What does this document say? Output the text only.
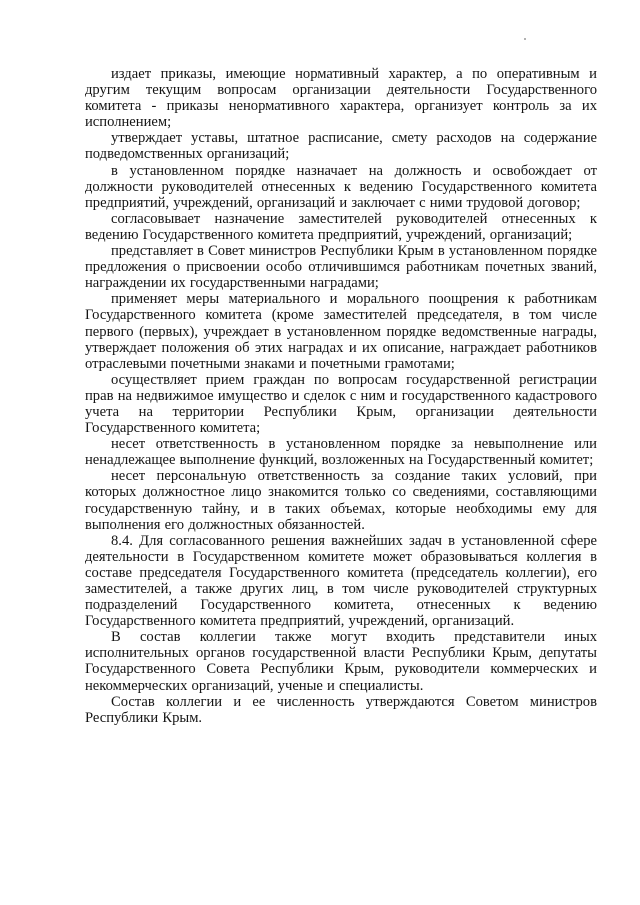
издает приказы, имеющие нормативный характер, а по оперативным и другим текущим вопросам организации деятельности Государственного комитета - приказы ненормативного характера, организует контроль за их исполнением;

утверждает уставы, штатное расписание, смету расходов на содержание подведомственных организаций;

в установленном порядке назначает на должность и освобождает от должности руководителей отнесенных к ведению Государственного комитета предприятий, учреждений, организаций и заключает с ними трудовой договор;

согласовывает назначение заместителей руководителей отнесенных к ведению Государственного комитета предприятий, учреждений, организаций;

представляет в Совет министров Республики Крым в установленном порядке предложения о присвоении особо отличившимся работникам почетных званий, награждении их государственными наградами;

применяет меры материального и морального поощрения к работникам Государственного комитета (кроме заместителей председателя, в том числе первого (первых), учреждает в установленном порядке ведомственные награды, утверждает положения об этих наградах и их описание, награждает работников отраслевыми почетными знаками и почетными грамотами;

осуществляет прием граждан по вопросам государственной регистрации прав на недвижимое имущество и сделок с ним и государственного кадастрового учета на территории Республики Крым, организации деятельности Государственного комитета;

несет ответственность в установленном порядке за невыполнение или ненадлежащее выполнение функций, возложенных на Государственный комитет;

несет персональную ответственность за создание таких условий, при которых должностное лицо знакомится только со сведениями, составляющими государственную тайну, и в таких объемах, которые необходимы ему для выполнения его должностных обязанностей.

8.4. Для согласованного решения важнейших задач в установленной сфере деятельности в Государственном комитете может образовываться коллегия в составе председателя Государственного комитета (председатель коллегии), его заместителей, а также других лиц, в том числе руководителей структурных подразделений Государственного комитета, отнесенных к ведению Государственного комитета предприятий, учреждений, организаций.

В состав коллегии также могут входить представители иных исполнительных органов государственной власти Республики Крым, депутаты Государственного Совета Республики Крым, руководители коммерческих и некоммерческих организаций, ученые и специалисты.

Состав коллегии и ее численность утверждаются Советом министров Республики Крым.
